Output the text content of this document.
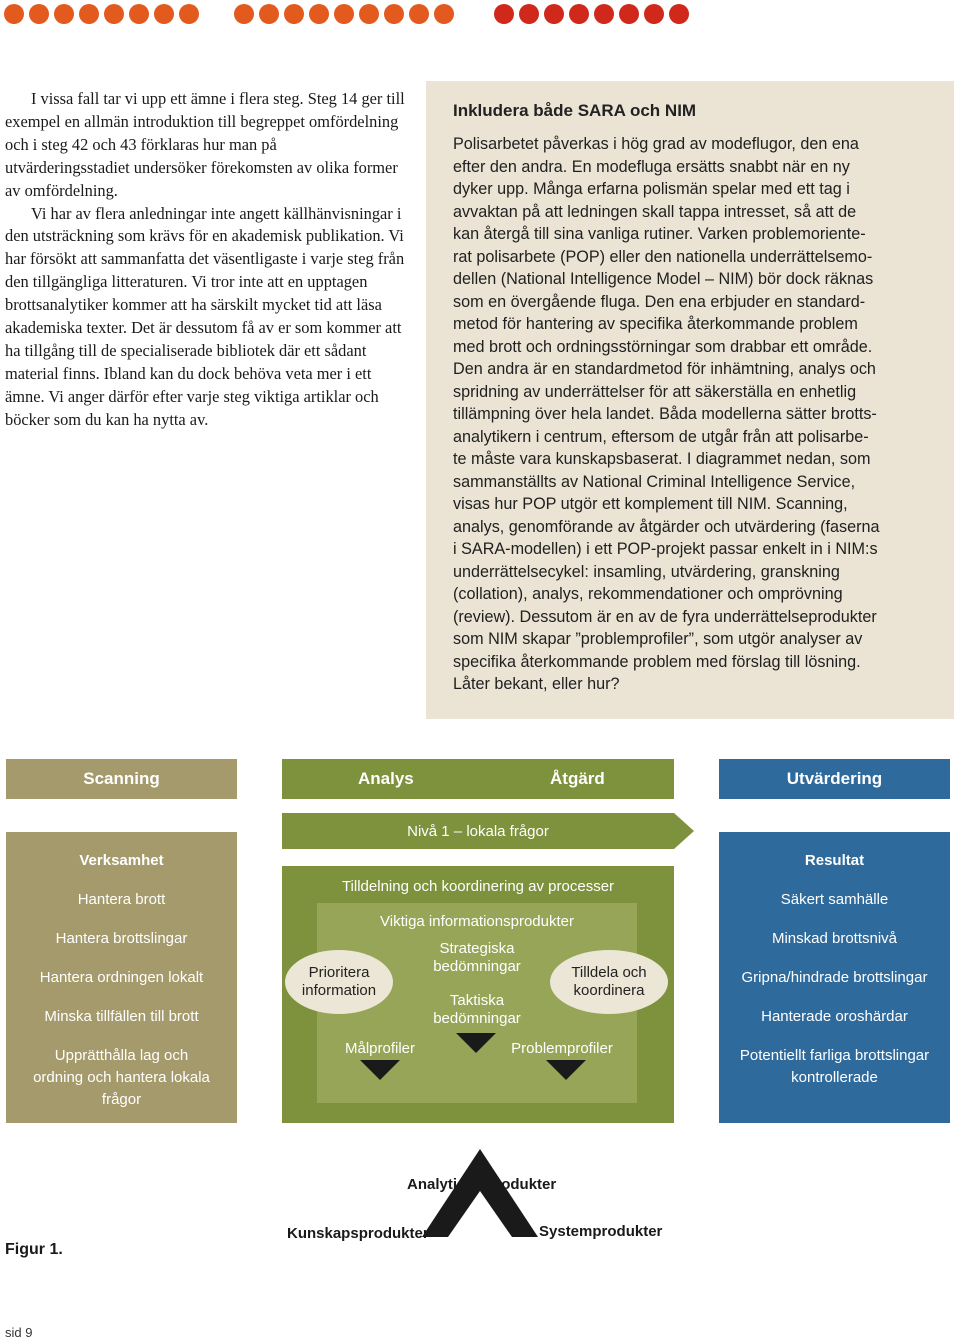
I vissa fall tar vi upp ett ämne i flera steg. Steg 14 ger till exempel en allmän introduktion till begreppet omfördelning och i steg 42 och 43 förklaras hur man på utvärderingsstadiet undersöker förekomsten av olika former av omfördelning.

Vi har av flera anledningar inte angett källhänvisningar i den utsträckning som krävs för en akademisk publikation. Vi har försökt att sammanfatta det väsentligaste i varje steg från den tillgängliga litteraturen. Vi tror inte att en upptagen brottsanalytiker kommer att ha särskilt mycket tid att läsa akademiska texter. Det är dessutom få av er som kommer att ha tillgång till de specialiserade bibliotek där ett sådant material finns. Ibland kan du dock behöva veta mer i ett ämne. Vi anger därför efter varje steg viktiga artiklar och böcker som du kan ha nytta av.

Inkludera både SARA och NIM
Polisarbetet påverkas i hög grad av modeflugor, den ena
efter den andra. En modefluga ersätts snabbt när en ny
dyker upp. Många erfarna polismän spelar med ett tag i
avvaktan på att ledningen skall tappa intresset, så att de
kan återgå till sina vanliga rutiner. Varken problemoriente-
rat polisarbete (POP) eller den nationella underrättelsemo-
dellen (National Intelligence Model – NIM) bör dock räknas
som en övergående fluga. Den ena erbjuder en standard-
metod för hantering av specifika återkommande problem
med brott och ordningsstörningar som drabbar ett område.
Den andra är en standardmetod för inhämtning, analys och
spridning av underrättelser för att säkerställa en enhetlig
tillämpning över hela landet. Båda modellerna sätter brotts-
analytikern i centrum, eftersom de utgår från att polisarbe-
te måste vara kunskapsbaserat. I diagrammet nedan, som
sammanställts av National Criminal Intelligence Service,
visas hur POP utgör ett komplement till NIM. Scanning,
analys, genomförande av åtgärder och utvärdering (faserna
i SARA-modellen) i ett POP-projekt passar enkelt in i NIM:s
underrättelsecykel: insamling, utvärdering, granskning
(collation), analys, rekommendationer och omprövning
(review). Dessutom är en av de fyra underrättelseprodukter
som NIM skapar ”problemprofiler”, som utgör analyser av
specifika återkommande problem med förslag till lösning.
Låter bekant, eller hur?
Scanning	Analys	Åtgärd	Utvärdering
Nivå 1 – lokala frågor
Verksamhet
Hantera brott
Hantera brottslingar
Hantera ordningen lokalt
Minska tillfällen till brott
Upprätthålla lag och ordning och hantera lokala frågor
Resultat
Säkert samhälle
Minskad brottsnivå
Gripna/hindrade brottslingar
Hanterade oroshärdar
Potentiellt farliga brottslingar kontrollerade
Tilldelning och koordinering av processer
Viktiga informationsprodukter
Strategiska bedömningar
Taktiska bedömningar
Prioritera information
Tilldela och koordinera
Målprofiler	Problemprofiler
Analytiska produkter
Kunskapsprodukter	Systemprodukter
Figur 1.
sid 9
